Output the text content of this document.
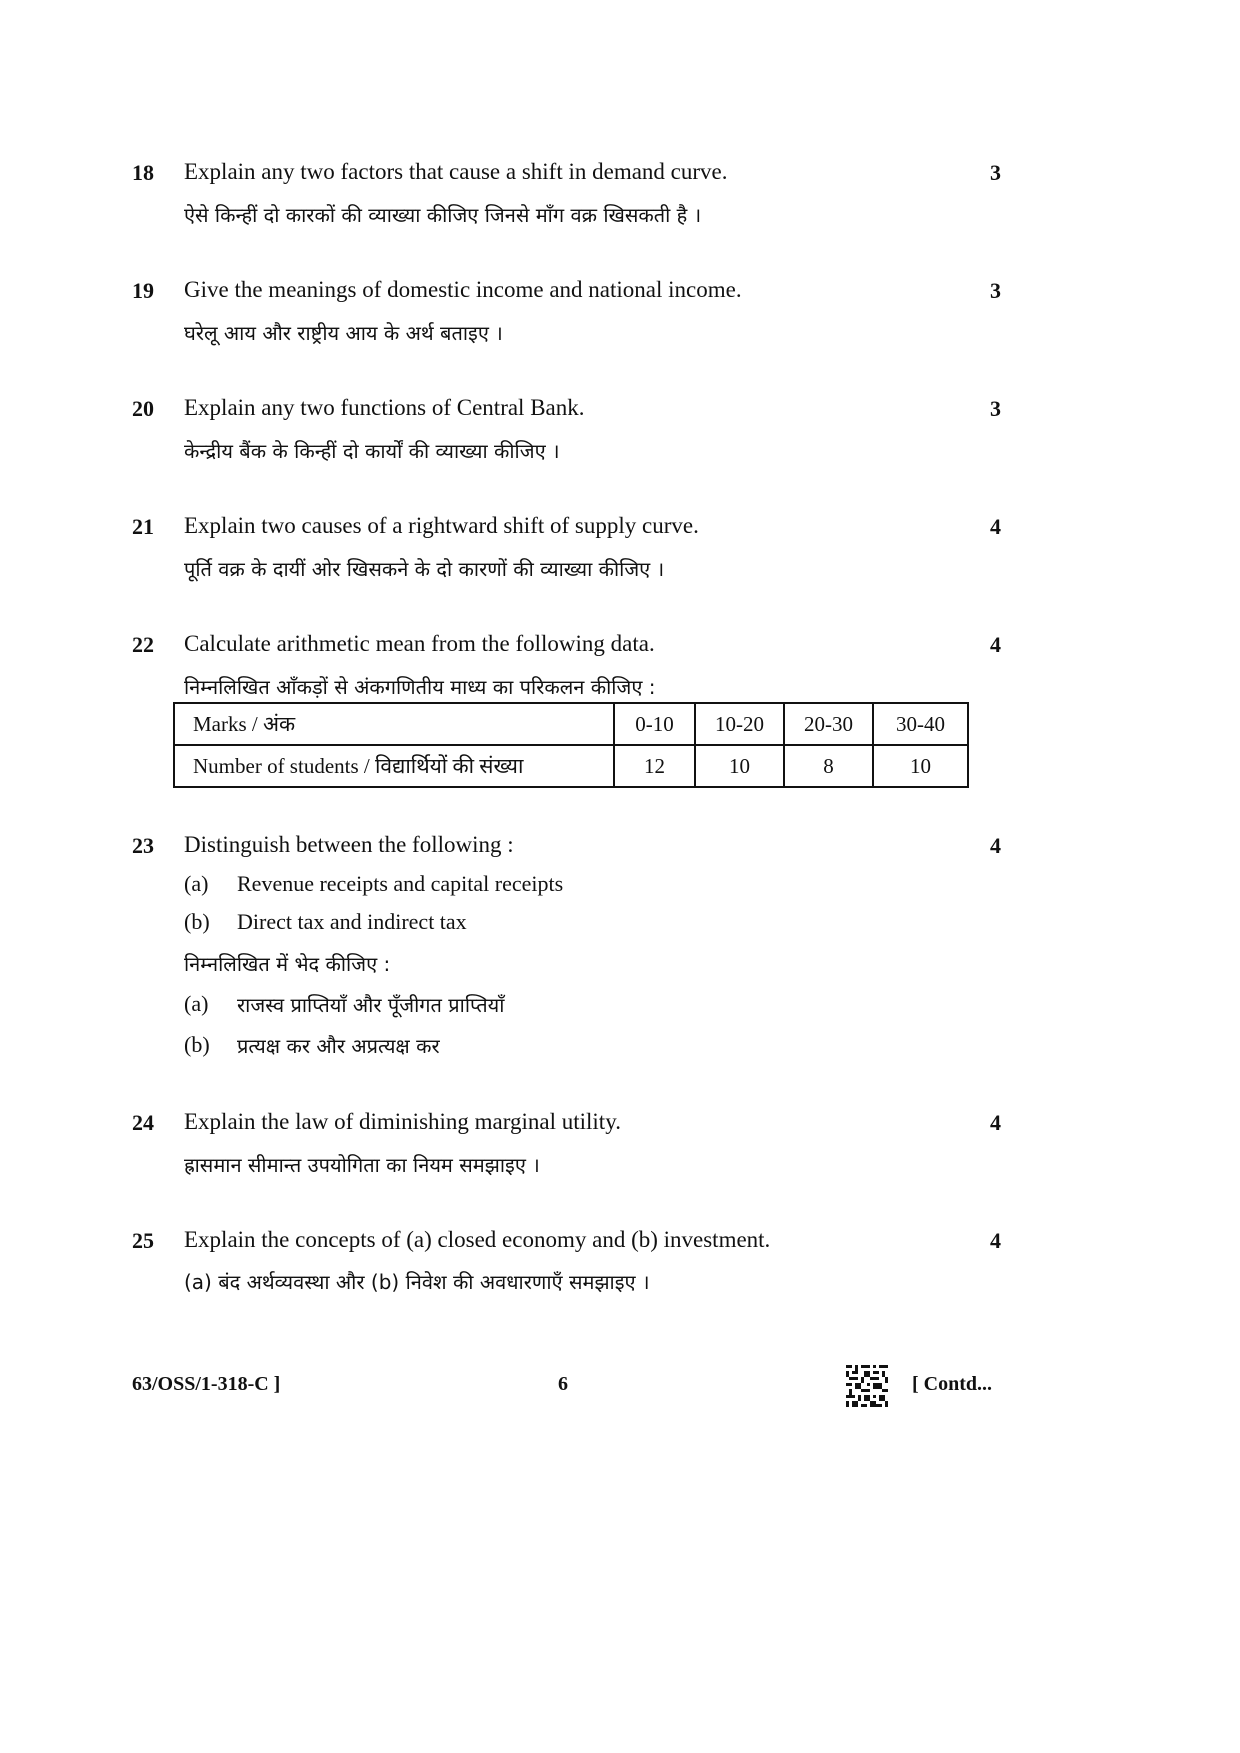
18 Explain any two factors that cause a shift in demand curve.	3
ऐसे किन्हीं दो कारकों की व्याख्या कीजिए जिनसे माँग वक्र खिसकती है ।
19 Give the meanings of domestic income and national income.	3
घरेलू आय और राष्ट्रीय आय के अर्थ बताइए ।
20 Explain any two functions of Central Bank.	3
केन्द्रीय बैंक के किन्हीं दो कार्यों की व्याख्या कीजिए ।
21 Explain two causes of a rightward shift of supply curve.	4
पूर्ति वक्र के दायीं ओर खिसकने के दो कारणों की व्याख्या कीजिए ।
22 Calculate arithmetic mean from the following data.	4
निम्नलिखित आँकड़ों से अंकगणितीय माध्य का परिकलन कीजिए :
Marks / अंक	0-10	10-20	20-30	30-40
Number of students / विद्यार्थियों की संख्या	12	10	8	10
23 Distinguish between the following :	4
(a) Revenue receipts and capital receipts
(b) Direct tax and indirect tax
निम्नलिखित में भेद कीजिए :
(a) राजस्व प्राप्तियाँ और पूँजीगत प्राप्तियाँ
(b) प्रत्यक्ष कर और अप्रत्यक्ष कर
24 Explain the law of diminishing marginal utility.	4
ह्रासमान सीमान्त उपयोगिता का नियम समझाइए ।
25 Explain the concepts of (a) closed economy and (b) investment.	4
(a) बंद अर्थव्यवस्था और (b) निवेश की अवधारणाएँ समझाइए ।
63/OSS/1-318-C ]	6	[ Contd...
